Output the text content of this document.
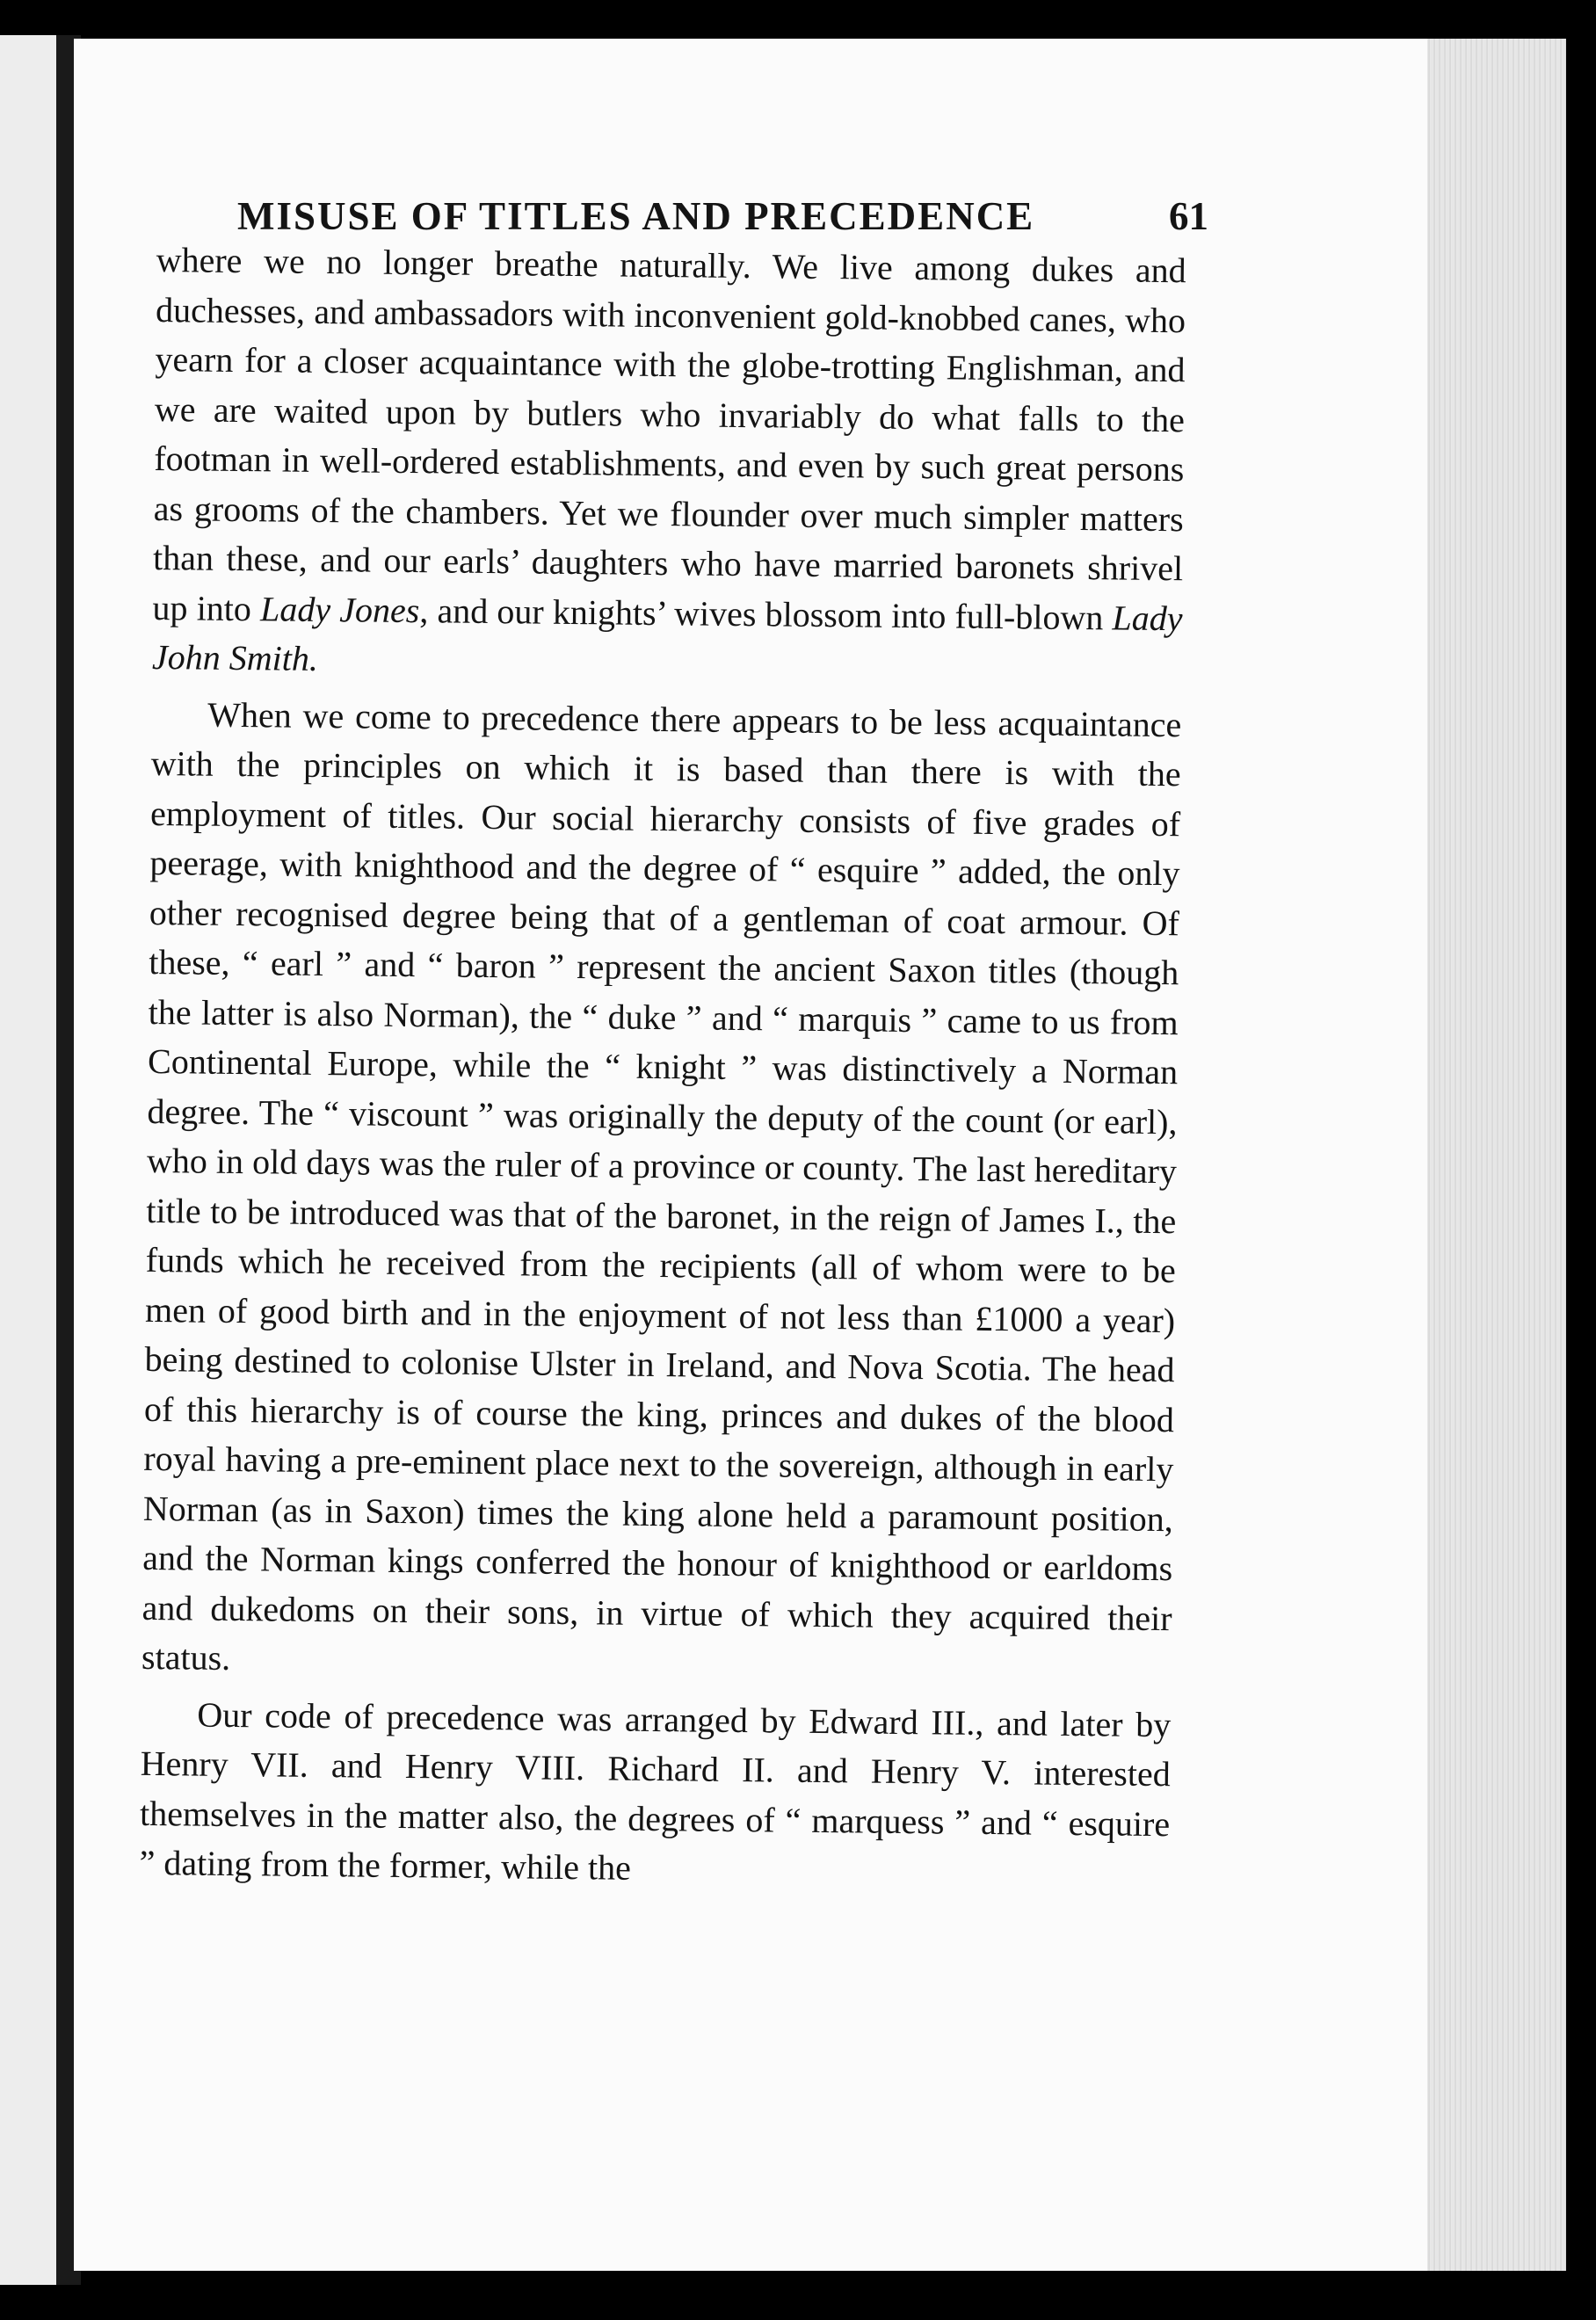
MISUSE OF TITLES AND PRECEDENCE	61

where we no longer breathe naturally. We live among dukes and duchesses, and ambassadors with inconvenient gold-knobbed canes, who yearn for a closer acquaintance with the globe-trotting Englishman, and we are waited upon by butlers who invariably do what falls to the footman in well-ordered establishments, and even by such great persons as grooms of the chambers. Yet we flounder over much simpler matters than these, and our earls’ daughters who have married baronets shrivel up into Lady Jones, and our knights’ wives blossom into full-blown Lady John Smith.

When we come to precedence there appears to be less acquaintance with the principles on which it is based than there is with the employment of titles. Our social hierarchy consists of five grades of peerage, with knighthood and the degree of “ esquire ” added, the only other recognised degree being that of a gentleman of coat armour. Of these, “ earl ” and “ baron ” represent the ancient Saxon titles (though the latter is also Norman), the “ duke ” and “ marquis ” came to us from Continental Europe, while the “ knight ” was distinctively a Norman degree. The “ viscount ” was originally the deputy of the count (or earl), who in old days was the ruler of a province or county. The last hereditary title to be introduced was that of the baronet, in the reign of James I., the funds which he received from the recipients (all of whom were to be men of good birth and in the enjoyment of not less than £1000 a year) being destined to colonise Ulster in Ireland, and Nova Scotia. The head of this hierarchy is of course the king, princes and dukes of the blood royal having a pre-eminent place next to the sovereign, although in early Norman (as in Saxon) times the king alone held a paramount position, and the Norman kings conferred the honour of knighthood or earldoms and dukedoms on their sons, in virtue of which they acquired their status.

Our code of precedence was arranged by Edward III., and later by Henry VII. and Henry VIII. Richard II. and Henry V. interested themselves in the matter also, the degrees of “ marquess ” and “ esquire ” dating from the former, while the
